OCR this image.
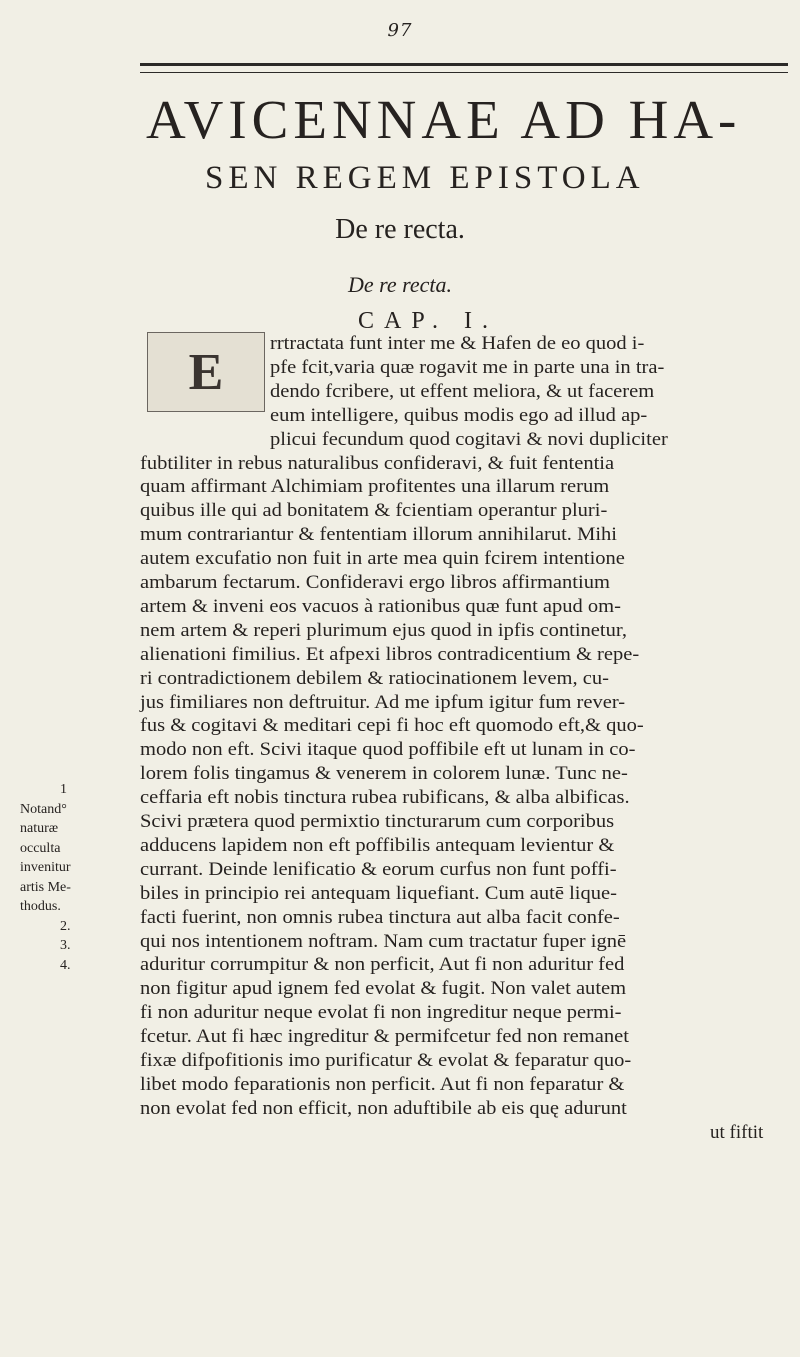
97
AVICENNAE AD HA-
SEN REGEM EPISTOLA
De re recta.
De re recta.
CAP. I.
E rrtractata funt inter me & Hafen de eo quod i-
pfe fcit,varia quæ rogavit me in parte una in tra-
dendo fcribere, ut effent meliora, & ut facerem
eum intelligere, quibus modis ego ad illud ap-
plicui fecundum quod cogitavi & novi dupliciter
fubtiliter in rebus naturalibus confideravi, & fuit fententia
quam affirmant Alchimiam profitentes una illarum rerum
quibus ille qui ad bonitatem & fcientiam operantur pluri-
mum contrariantur & fententiam illorum annihilarut. Mihi
autem excufatio non fuit in arte mea quin fcirem intentione
ambarum fectarum. Confideravi ergo libros affirmantium
artem & inveni eos vacuos à rationibus quæ funt apud om-
nem artem & reperi plurimum ejus quod in ipfis continetur,
alienationi fimilius. Et afpexi libros contradicentium & repe-
ri contradictionem debilem & ratiocinationem levem, cu-
jus fimiliares non deftruitur. Ad me ipfum igitur fum rever-
fus & cogitavi & meditari cepi fi hoc eft quomodo eft,& quo-
modo non eft. Scivi itaque quod poffibile eft ut lunam in co-
lorem folis tingamus & venerem in colorem lunæ. Tunc ne-
ceffaria eft nobis tinctura rubea rubificans, & alba albificas.
Scivi prætera quod permixtio tincturarum cum corporibus
adducens lapidem non eft poffibilis antequam levientur &
currant. Deinde lenificatio & eorum curfus non funt poffi-
biles in principio rei antequam liquefiant. Cum autē lique-
facti fuerint, non omnis rubea tinctura aut alba facit confe-
qui nos intentionem noftram. Nam cum tractatur fuper ignē
aduritur corrumpitur & non perficit, Aut fi non aduritur fed
non figitur apud ignem fed evolat & fugit. Non valet autem
fi non aduritur neque evolat fi non ingreditur neque permi-
fcetur. Aut fi hæc ingreditur & permifcetur fed non remanet
fixæ difpofitionis imo purificatur & evolat & feparatur quo-
libet modo feparationis non perficit. Aut fi non feparatur &
non evolat fed non efficit, non aduftibile ab eis quę adurunt
ut fiftit
1
Notand°
naturæ
occulta
invenitur
artis Me-
thodus.
2.
3.
4.
